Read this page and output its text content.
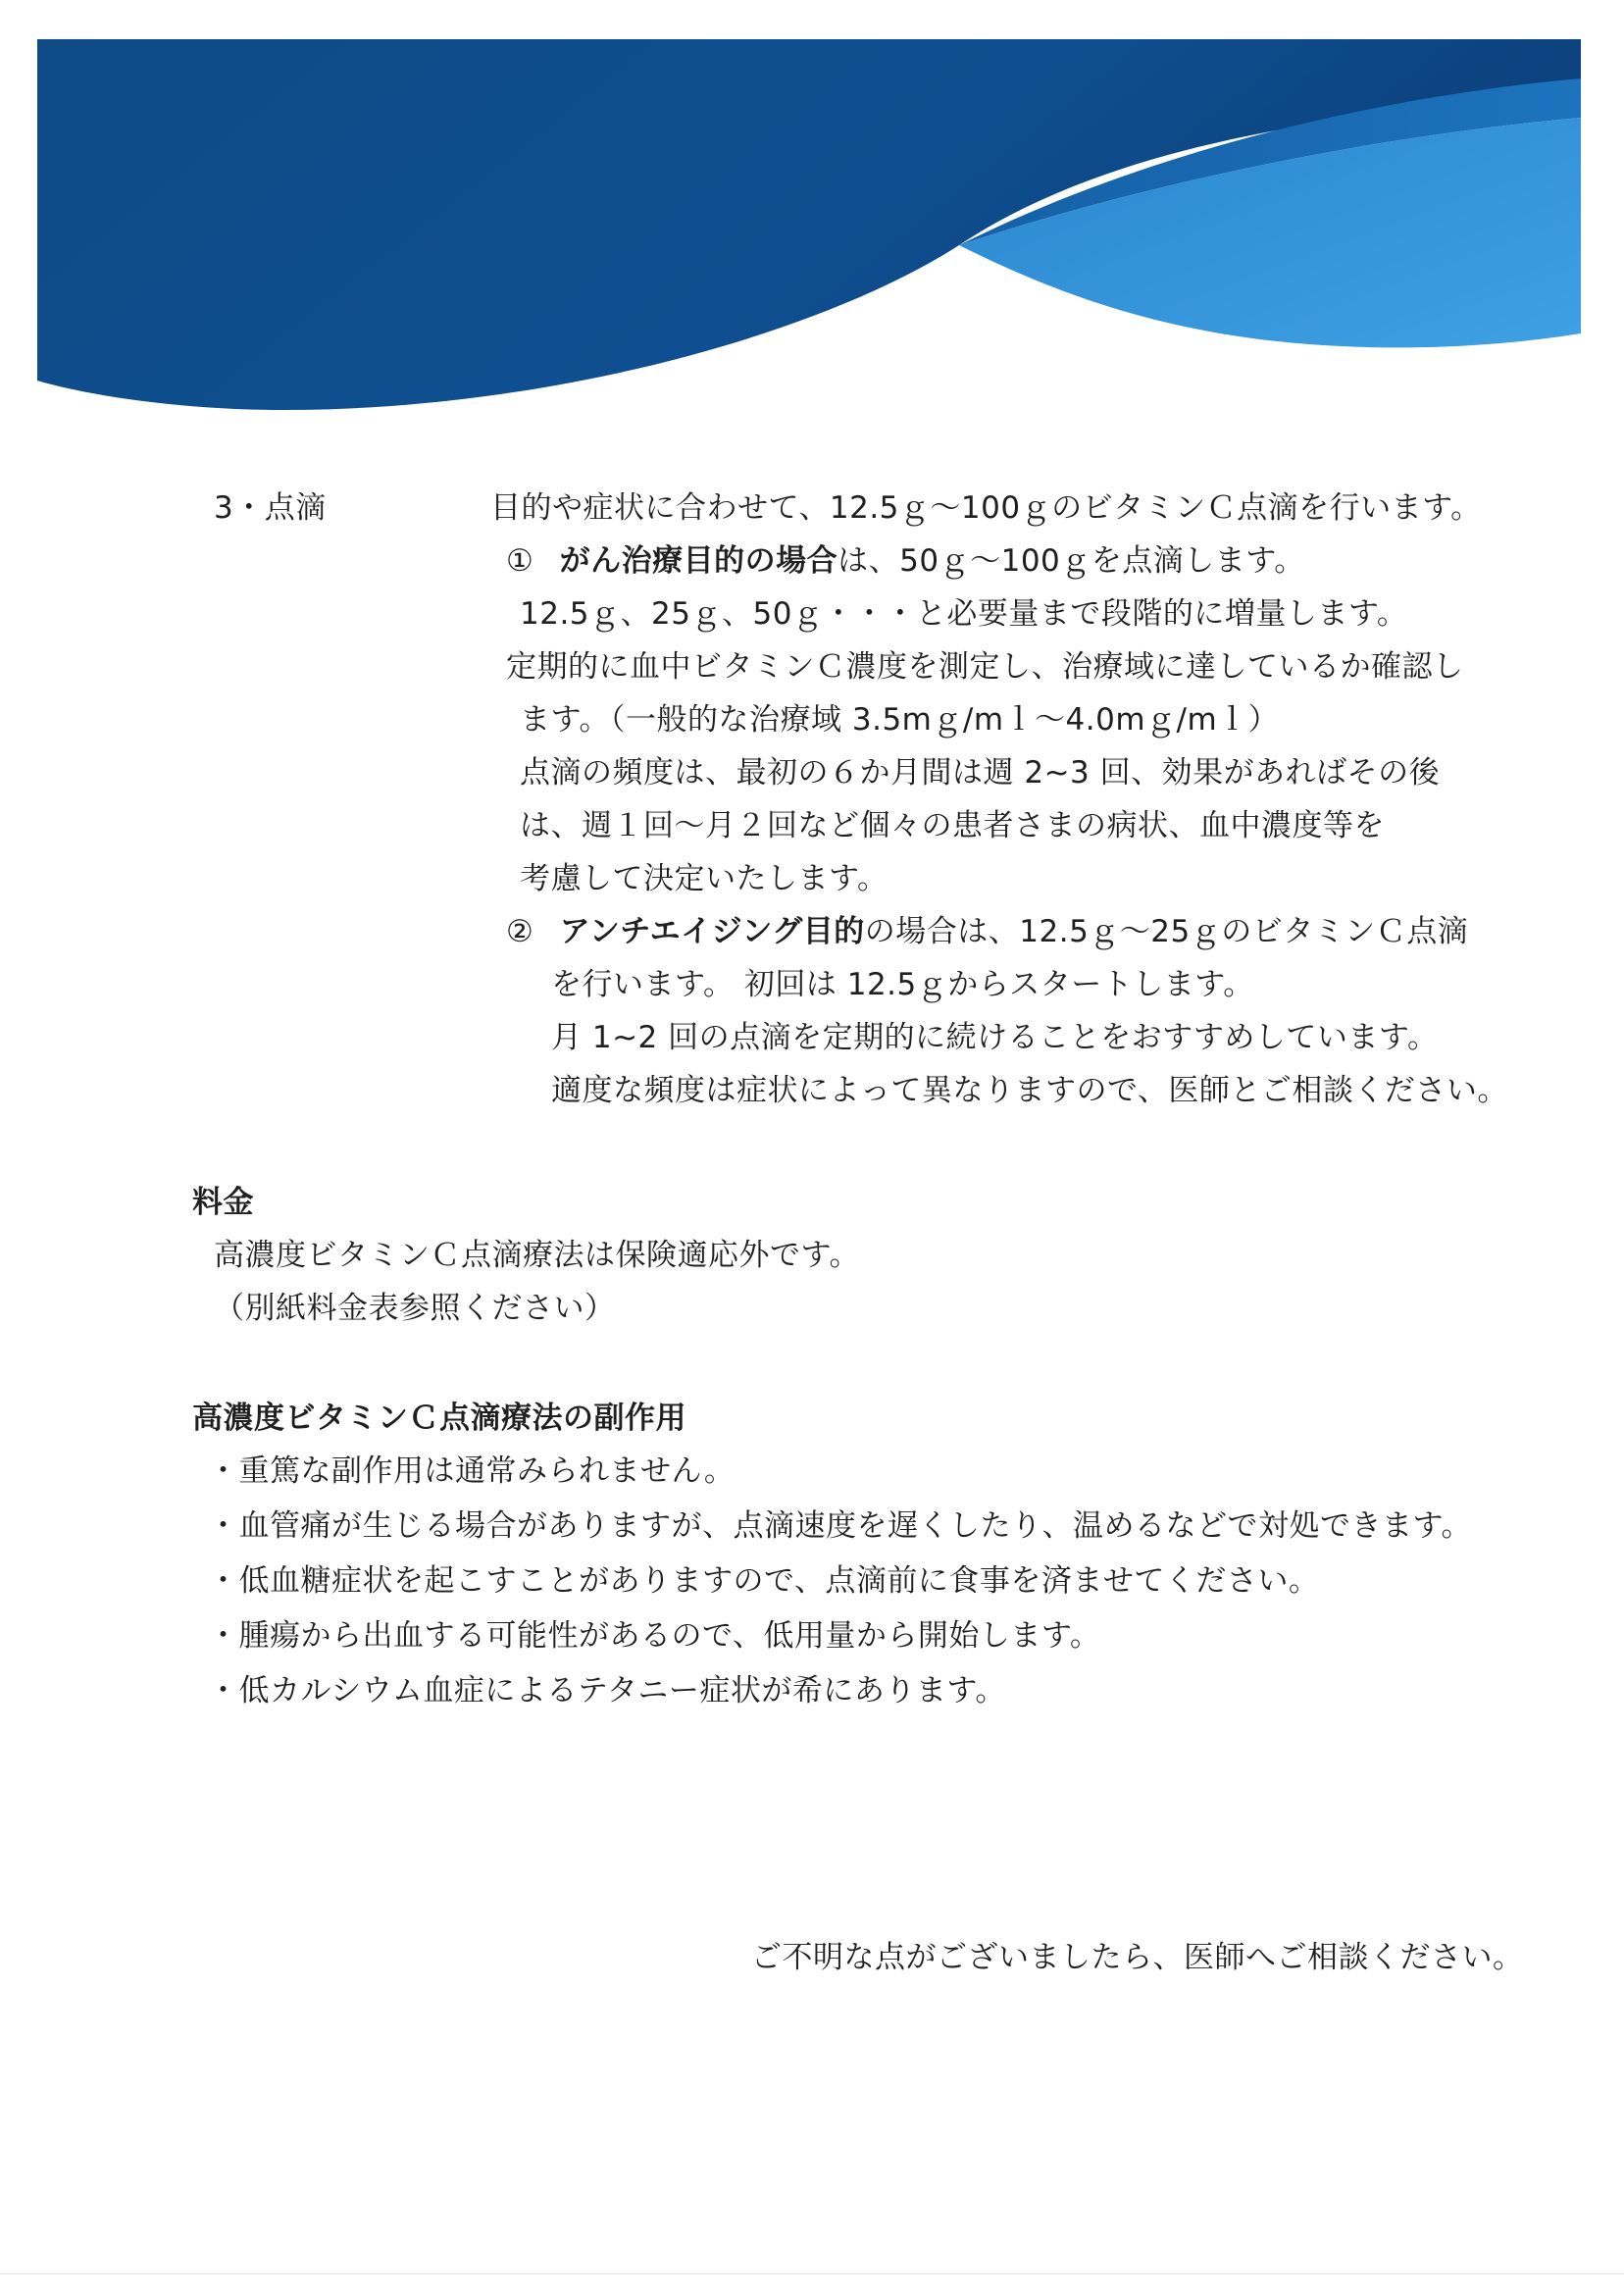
3・点滴	目的や症状に合わせて、12.5ｇ～100ｇのビタミンＣ点滴を行います。
① がん治療目的の場合は、50ｇ～100ｇを点滴します。
12.5ｇ、25ｇ、50ｇ・・・と必要量まで段階的に増量します。
定期的に血中ビタミンＣ濃度を測定し、治療域に達しているか確認し
ます。（一般的な治療域 3.5mｇ/mｌ～4.0mｇ/mｌ）
点滴の頻度は、最初の６か月間は週 2~3 回、効果があればその後
は、週１回～月２回など個々の患者さまの病状、血中濃度等を
考慮して決定いたします。
② アンチエイジング目的の場合は、12.5ｇ～25ｇのビタミンＣ点滴
を行います。 初回は 12.5ｇからスタートします。
月 1~2 回の点滴を定期的に続けることをおすすめしています。
適度な頻度は症状によって異なりますので、医師とご相談ください。
料金
高濃度ビタミンＣ点滴療法は保険適応外です。
（別紙料金表参照ください）
高濃度ビタミンＣ点滴療法の副作用
・重篤な副作用は通常みられません。
・血管痛が生じる場合がありますが、点滴速度を遅くしたり、温めるなどで対処できます。
・低血糖症状を起こすことがありますので、点滴前に食事を済ませてください。
・腫瘍から出血する可能性があるので、低用量から開始します。
・低カルシウム血症によるテタニー症状が希にあります。
ご不明な点がございましたら、医師へご相談ください。
